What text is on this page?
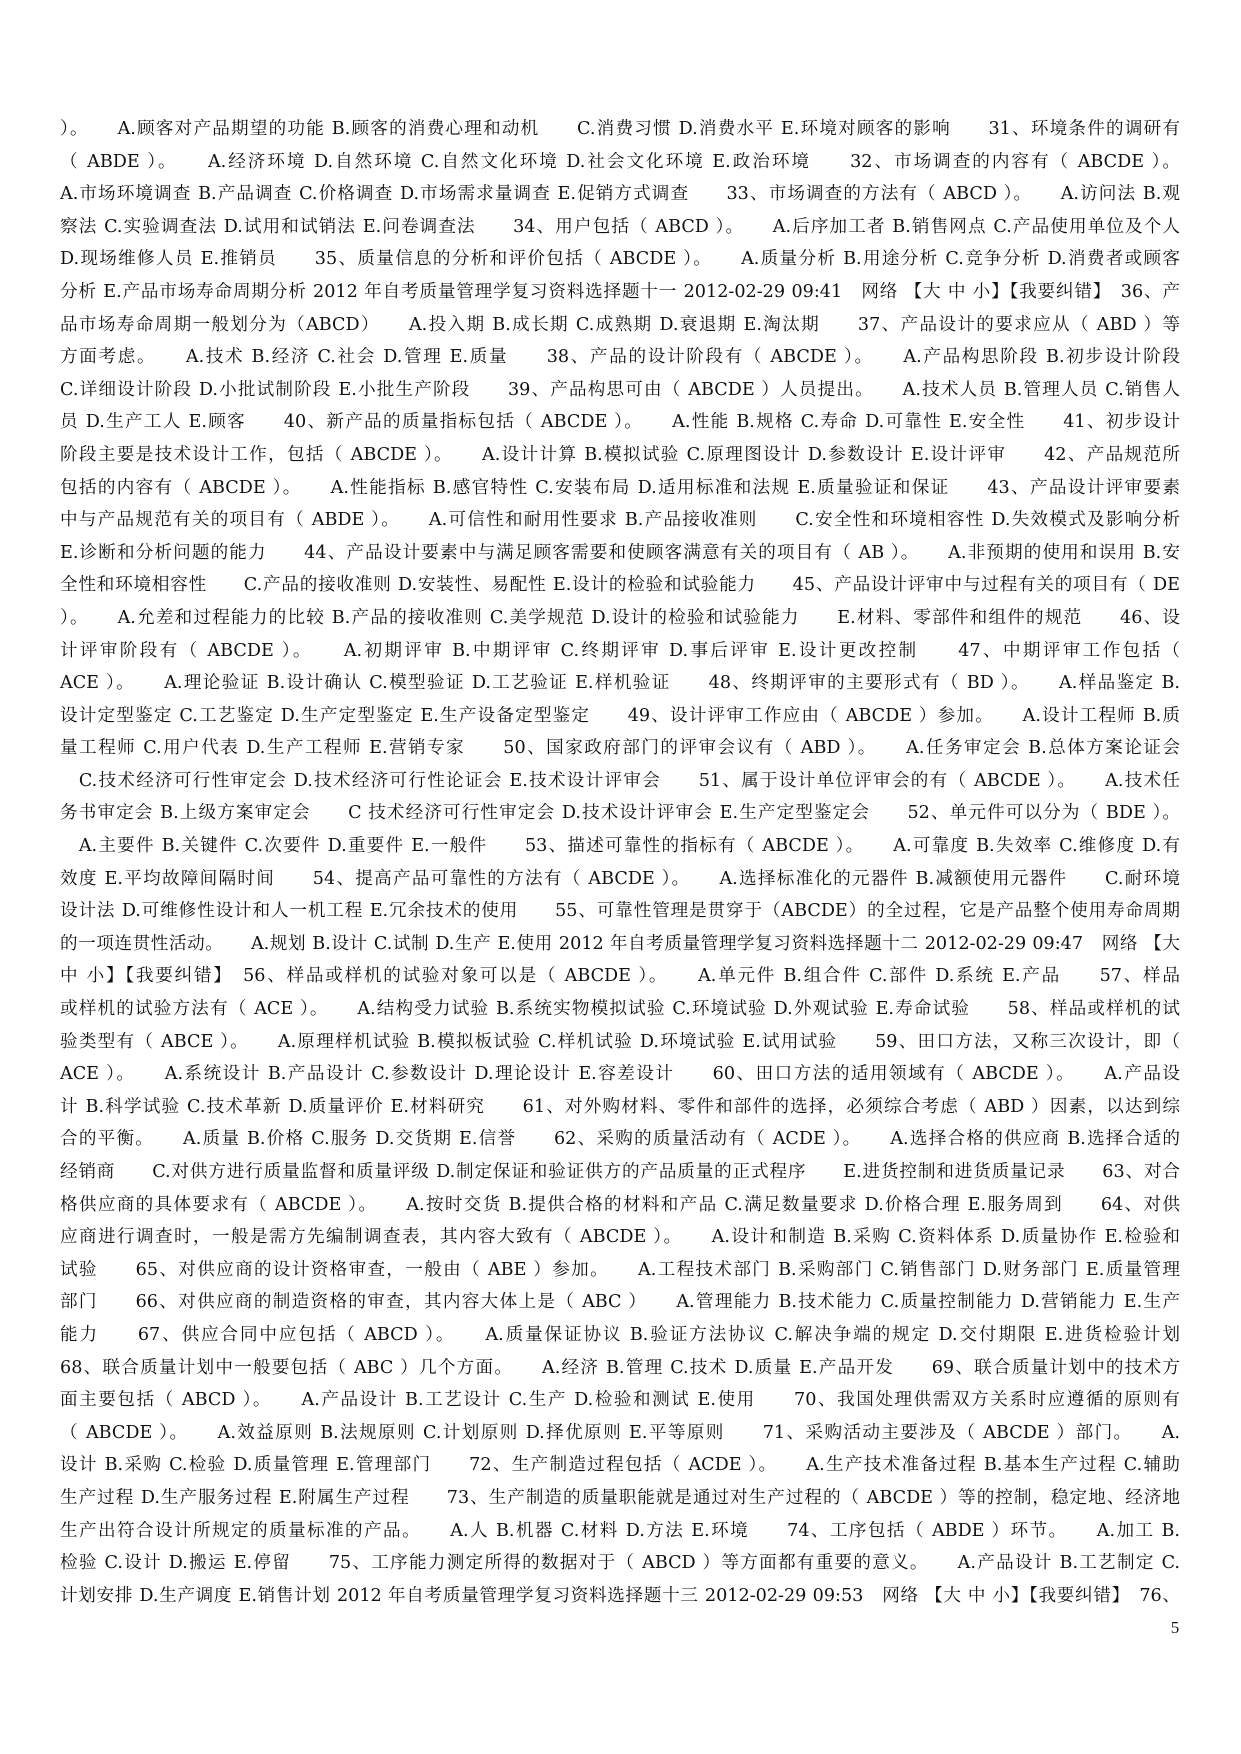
）。　　A.顾客对产品期望的功能 B.顾客的消费心理和动机　　C.消费习惯 D.消费水平 E.环境对顾客的影响　　31、环境条件的调研有
（ ABDE ）。　　A.经济环境 D.自然环境 C.自然文化环境 D.社会文化环境 E.政治环境　　32、市场调查的内容有（ ABCDE ）。
A.市场环境调查 B.产品调查 C.价格调查 D.市场需求量调查 E.促销方式调查　　33、市场调查的方法有（ ABCD ）。　　A.访问法 B.观
察法 C.实验调查法 D.试用和试销法 E.问卷调查法　　34、用户包括（ ABCD ）。　　A.后序加工者 B.销售网点 C.产品使用单位及个人
D.现场维修人员 E.推销员　　35、质量信息的分析和评价包括（ ABCDE ）。　　A.质量分析 B.用途分析 C.竞争分析 D.消费者或顾客
分析 E.产品市场寿命周期分析 2012 年自考质量管理学复习资料选择题十一 2012-02-29 09:41　网络 【大 中 小】【我要纠错】　36、产
品市场寿命周期一般划分为（ABCD）　　A.投入期 B.成长期 C.成熟期 D.衰退期 E.淘汰期　　37、产品设计的要求应从（ ABD ）等
方面考虑。　　A.技术 B.经济 C.社会 D.管理 E.质量　　38、产品的设计阶段有（ ABCDE ）。　　A.产品构思阶段 B.初步设计阶段
C.详细设计阶段 D.小批试制阶段 E.小批生产阶段　　39、产品构思可由（ ABCDE ）人员提出。　　A.技术人员 B.管理人员 C.销售人
员 D.生产工人 E.顾客　　40、新产品的质量指标包括（ ABCDE ）。　　A.性能 B.规格 C.寿命 D.可靠性 E.安全性　　41、初步设计
阶段主要是技术设计工作，包括（ ABCDE ）。　　A.设计计算 B.模拟试验 C.原理图设计 D.参数设计 E.设计评审　　42、产品规范所
包括的内容有（ ABCDE ）。　　A.性能指标 B.感官特性 C.安装布局 D.适用标准和法规 E.质量验证和保证　　43、产品设计评审要素
中与产品规范有关的项目有（ ABDE ）。　　A.可信性和耐用性要求 B.产品接收准则　　C.安全性和环境相容性 D.失效模式及影响分析
E.诊断和分析问题的能力　　44、产品设计要素中与满足顾客需要和使顾客满意有关的项目有（ AB ）。　　A.非预期的使用和误用 B.安
全性和环境相容性　　C.产品的接收准则 D.安装性、易配性 E.设计的检验和试验能力　　45、产品设计评审中与过程有关的项目有（ DE
）。　　A.允差和过程能力的比较 B.产品的接收准则 C.美学规范 D.设计的检验和试验能力　　E.材料、零部件和组件的规范　　46、设
计评审阶段有（ ABCDE ）。　　A.初期评审 B.中期评审 C.终期评审 D.事后评审 E.设计更改控制　　47、中期评审工作包括（
ACE ）。　　A.理论验证 B.设计确认 C.模型验证 D.工艺验证 E.样机验证　　48、终期评审的主要形式有（ BD ）。　　A.样品鉴定 B.
设计定型鉴定 C.工艺鉴定 D.生产定型鉴定 E.生产设备定型鉴定　　49、设计评审工作应由（ ABCDE ）参加。　　A.设计工程师 B.质
量工程师 C.用户代表 D.生产工程师 E.营销专家　　50、国家政府部门的评审会议有（ ABD ）。　　A.任务审定会 B.总体方案论证会
　C.技术经济可行性审定会 D.技术经济可行性论证会 E.技术设计评审会　　51、属于设计单位评审会的有（ ABCDE ）。　　A.技术任
务书审定会 B.上级方案审定会　　C 技术经济可行性审定会 D.技术设计评审会 E.生产定型鉴定会　　52、单元件可以分为（ BDE ）。
　A.主要件 B.关键件 C.次要件 D.重要件 E.一般件　　53、描述可靠性的指标有（ ABCDE ）。　　A.可靠度 B.失效率 C.维修度 D.有
效度 E.平均故障间隔时间　　54、提高产品可靠性的方法有（ ABCDE ）。　　A.选择标准化的元器件 B.减额使用元器件　　C.耐环境
设计法 D.可维修性设计和人一机工程 E.冗余技术的使用　　55、可靠性管理是贯穿于（ABCDE）的全过程，它是产品整个使用寿命周期
的一项连贯性活动。　　A.规划 B.设计 C.试制 D.生产 E.使用 2012 年自考质量管理学复习资料选择题十二 2012-02-29 09:47　网络 【大
中 小】【我要纠错】　56、样品或样机的试验对象可以是（ ABCDE ）。　　A.单元件 B.组合件 C.部件 D.系统 E.产品　　57、样品
或样机的试验方法有（ ACE ）。　　A.结构受力试验 B.系统实物模拟试验 C.环境试验 D.外观试验 E.寿命试验　　58、样品或样机的试
验类型有（ ABCE ）。　　A.原理样机试验 B.模拟板试验 C.样机试验 D.环境试验 E.试用试验　　59、田口方法，又称三次设计，即（
ACE ）。　　A.系统设计 B.产品设计 C.参数设计 D.理论设计 E.容差设计　　60、田口方法的适用领域有（ ABCDE ）。　　A.产品设
计 B.科学试验 C.技术革新 D.质量评价 E.材料研究　　61、对外购材料、零件和部件的选择，必须综合考虑（ ABD ）因素，以达到综
合的平衡。　　A.质量 B.价格 C.服务 D.交货期 E.信誉　　62、采购的质量活动有（ ACDE ）。　　A.选择合格的供应商 B.选择合适的
经销商　　C.对供方进行质量监督和质量评级 D.制定保证和验证供方的产品质量的正式程序　　E.进货控制和进货质量记录　　63、对合
格供应商的具体要求有（ ABCDE ）。　　A.按时交货 B.提供合格的材料和产品 C.满足数量要求 D.价格合理 E.服务周到　　64、对供
应商进行调查时，一般是需方先编制调查表，其内容大致有（ ABCDE ）。　　A.设计和制造 B.采购 C.资料体系 D.质量协作 E.检验和
试验　　65、对供应商的设计资格审查，一般由（ ABE ）参加。　　A.工程技术部门 B.采购部门 C.销售部门 D.财务部门 E.质量管理
部门　　66、对供应商的制造资格的审查，其内容大体上是（ ABC ）　　A.管理能力 B.技术能力 C.质量控制能力 D.营销能力 E.生产
能力　　67、供应合同中应包括（ ABCD ）。　　A.质量保证协议 B.验证方法协议 C.解决争端的规定 D.交付期限 E.进货检验计划
68、联合质量计划中一般要包括（ ABC ）几个方面。　　A.经济 B.管理 C.技术 D.质量 E.产品开发　　69、联合质量计划中的技术方
面主要包括（ ABCD ）。　　A.产品设计 B.工艺设计 C.生产 D.检验和测试 E.使用　　70、我国处理供需双方关系时应遵循的原则有
（ ABCDE ）。　　A.效益原则 B.法规原则 C.计划原则 D.择优原则 E.平等原则　　71、采购活动主要涉及（ ABCDE ）部门。　　A.
设计 B.采购 C.检验 D.质量管理 E.管理部门　　72、生产制造过程包括（ ACDE ）。　　A.生产技术准备过程 B.基本生产过程 C.辅助
生产过程 D.生产服务过程 E.附属生产过程　　73、生产制造的质量职能就是通过对生产过程的（ ABCDE ）等的控制，稳定地、经济地
生产出符合设计所规定的质量标准的产品。　　A.人 B.机器 C.材料 D.方法 E.环境　　74、工序包括（ ABDE ）环节。　　A.加工 B.
检验 C.设计 D.搬运 E.停留　　75、工序能力测定所得的数据对于（ ABCD ）等方面都有重要的意义。　　A.产品设计 B.工艺制定 C.
计划安排 D.生产调度 E.销售计划 2012 年自考质量管理学复习资料选择题十三 2012-02-29 09:53　网络 【大 中 小】【我要纠错】　76、
5
